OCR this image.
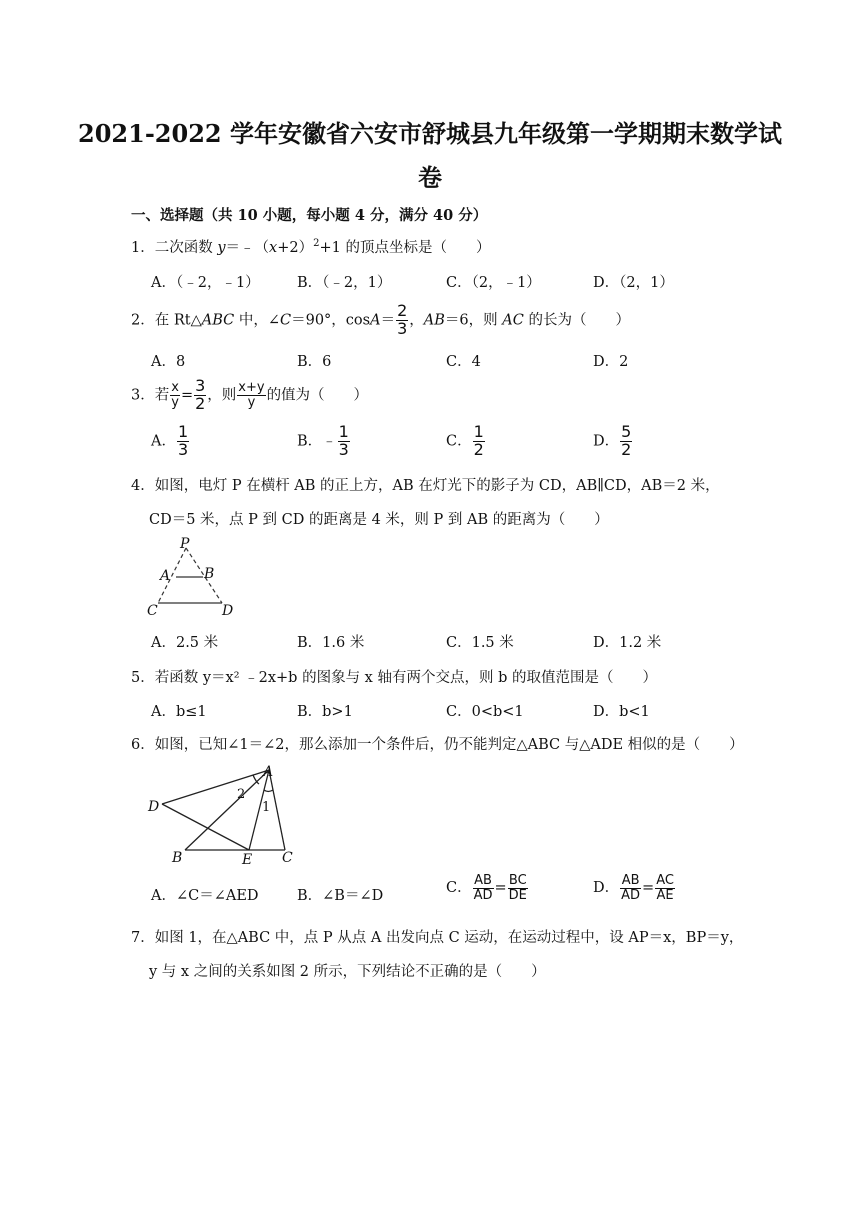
2021-2022 学年安徽省六安市舒城县九年级第一学期期末数学试
卷
一、选择题（共 10 小题，每小题 4 分，满分 40 分）
1．二次函数 $y=﹣(x+2)^2+1$ 的顶点坐标是（　　）
A．（﹣2，﹣1）	B．（﹣2，1）	C．（2，﹣1）	D．（2，1）
2．在 Rt△ABC 中，∠C＝90°，$\cos A= \frac{2}{3}$ ，AB＝6，则 AC 的长为（　　）
A．8	B．6	C．4	D．2
3．若 $\frac{x}{y} = \frac{3}{2}$ ，则 $\frac{x+y}{y}$ 的值为（　　）
A． $\frac{1}{3}$	B．﹣ $\frac{1}{3}$	C． $\frac{1}{2}$	D． $\frac{5}{2}$
4．如图，电灯 P 在横杆 AB 的正上方，AB 在灯光下的影子为 CD，AB∥CD，AB＝2 米，
CD＝5 米，点 P 到 CD 的距离是 4 米，则 P 到 AB 的距离为（　　）
P
A B
C	D
A．2.5 米	B．1.6 米	C．1.5 米	D．1.2 米
5．若函数 y＝x² ﹣2x+b 的图象与 x 轴有两个交点，则 b 的取值范围是（　　）
A．b≤1	B．b>1	C．0<b<1	D．b<1
6．如图，已知∠1＝∠2，那么添加一个条件后，仍不能判定△ABC 与△ADE 相似的是（　　）
A
D
B	E C
2
1
A．∠C＝∠AED	B．∠B＝∠D	C． $\frac{AB}{AD} = \frac{BC}{DE}$	D． $\frac{AB}{AD} = \frac{AC}{AE}$
7．如图 1，在△ABC 中，点 P 从点 A 出发向点 C 运动，在运动过程中，设 AP＝x，BP＝y，
y 与 x 之间的关系如图 2 所示，下列结论不正确的是（　　）
